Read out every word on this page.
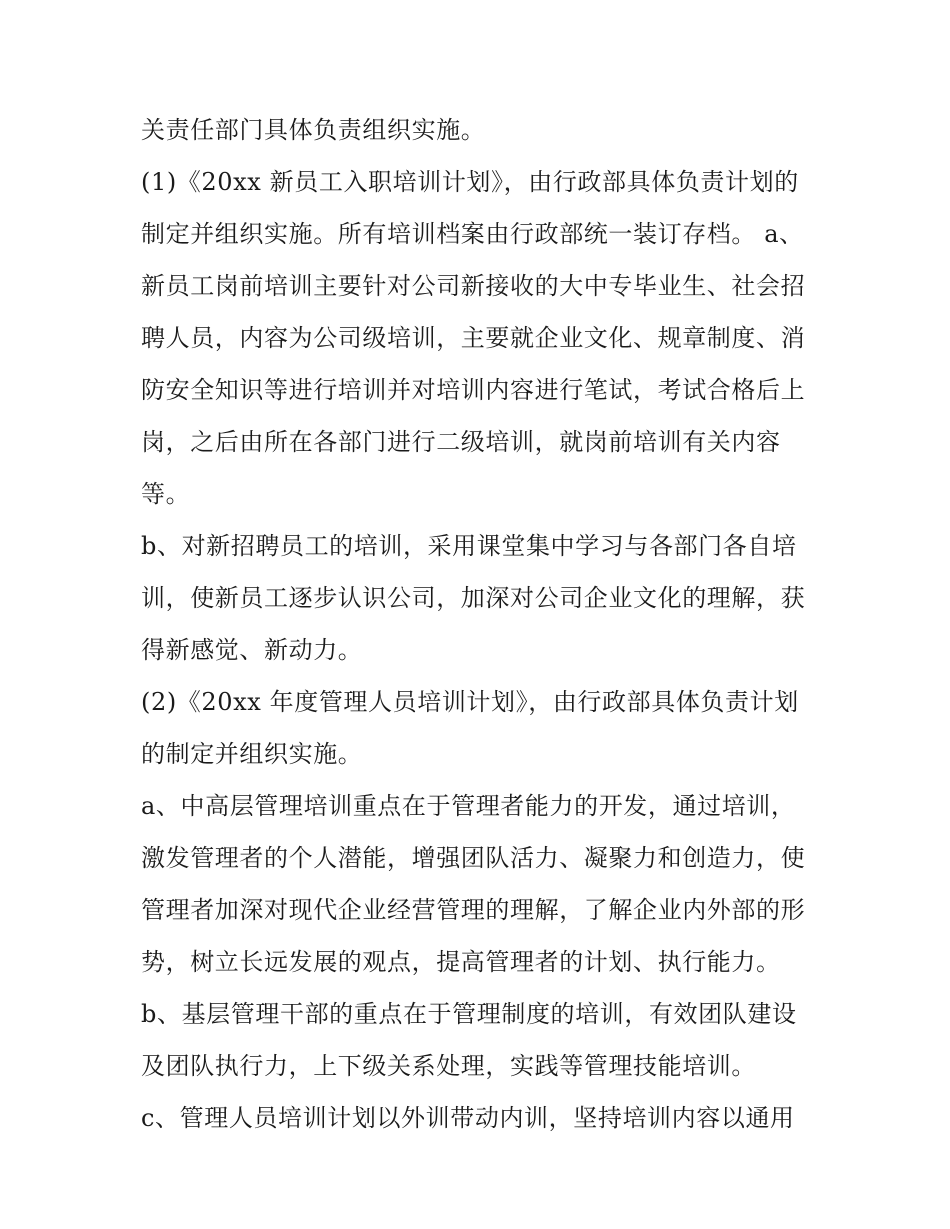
关责任部门具体负责组织实施。
(1)《20xx 新员工入职培训计划》，由行政部具体负责计划的
制定并组织实施。所有培训档案由行政部统一装订存档。 a、
新员工岗前培训主要针对公司新接收的大中专毕业生、社会招
聘人员，内容为公司级培训，主要就企业文化、规章制度、消
防安全知识等进行培训并对培训内容进行笔试，考试合格后上
岗，之后由所在各部门进行二级培训，就岗前培训有关内容
等。
b、对新招聘员工的培训，采用课堂集中学习与各部门各自培
训，使新员工逐步认识公司，加深对公司企业文化的理解，获
得新感觉、新动力。
(2)《20xx 年度管理人员培训计划》，由行政部具体负责计划
的制定并组织实施。
a、中高层管理培训重点在于管理者能力的开发，通过培训，
激发管理者的个人潜能，增强团队活力、凝聚力和创造力，使
管理者加深对现代企业经营管理的理解，了解企业内外部的形
势，树立长远发展的观点，提高管理者的计划、执行能力。
b、基层管理干部的重点在于管理制度的培训，有效团队建设
及团队执行力，上下级关系处理，实践等管理技能培训。
c、管理人员培训计划以外训带动内训，坚持培训内容以通用
